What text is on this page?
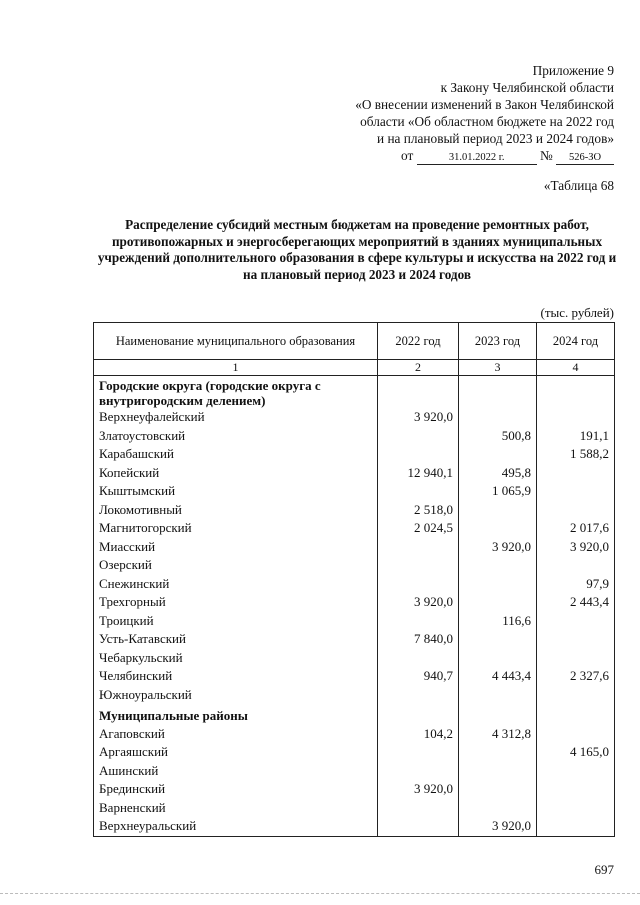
Приложение 9
к Закону Челябинской области
«О внесении изменений в Закон Челябинской
области «Об областном бюджете на 2022 год
и на плановый период 2023 и 2024 годов»
от	31.01.2022 г.	№ 526-ЗО
«Таблица 68
Распределение субсидий местным бюджетам на проведение ремонтных работ, противопожарных и энергосберегающих мероприятий в зданиях муниципальных учреждений дополнительного образования в сфере культуры и искусства на 2022 год и на плановый период 2023 и 2024 годов
(тыс. рублей)
Наименование муниципального образования	2022 год	2023 год	2024 год
1	2	3	4
Городские округа (городские округа с внутригородским делением)			
Верхнеуфалейский	3 920,0		
Златоустовский		500,8	191,1
Карабашский			1 588,2
Копейский	12 940,1	495,8	
Кыштымский		1 065,9	
Локомотивный	2 518,0		
Магнитогорский	2 024,5		2 017,6
Миасский		3 920,0	3 920,0
Озерский			
Снежинский			97,9
Трехгорный	3 920,0		2 443,4
Троицкий		116,6	
Усть-Катавский	7 840,0		
Чебаркульский			
Челябинский	940,7	4 443,4	2 327,6
Южноуральский			
Муниципальные районы			
Агаповский	104,2	4 312,8	
Аргаяшский			4 165,0
Ашинский			
Брединский	3 920,0		
Варненский			
Верхнеуральский		3 920,0	
697
